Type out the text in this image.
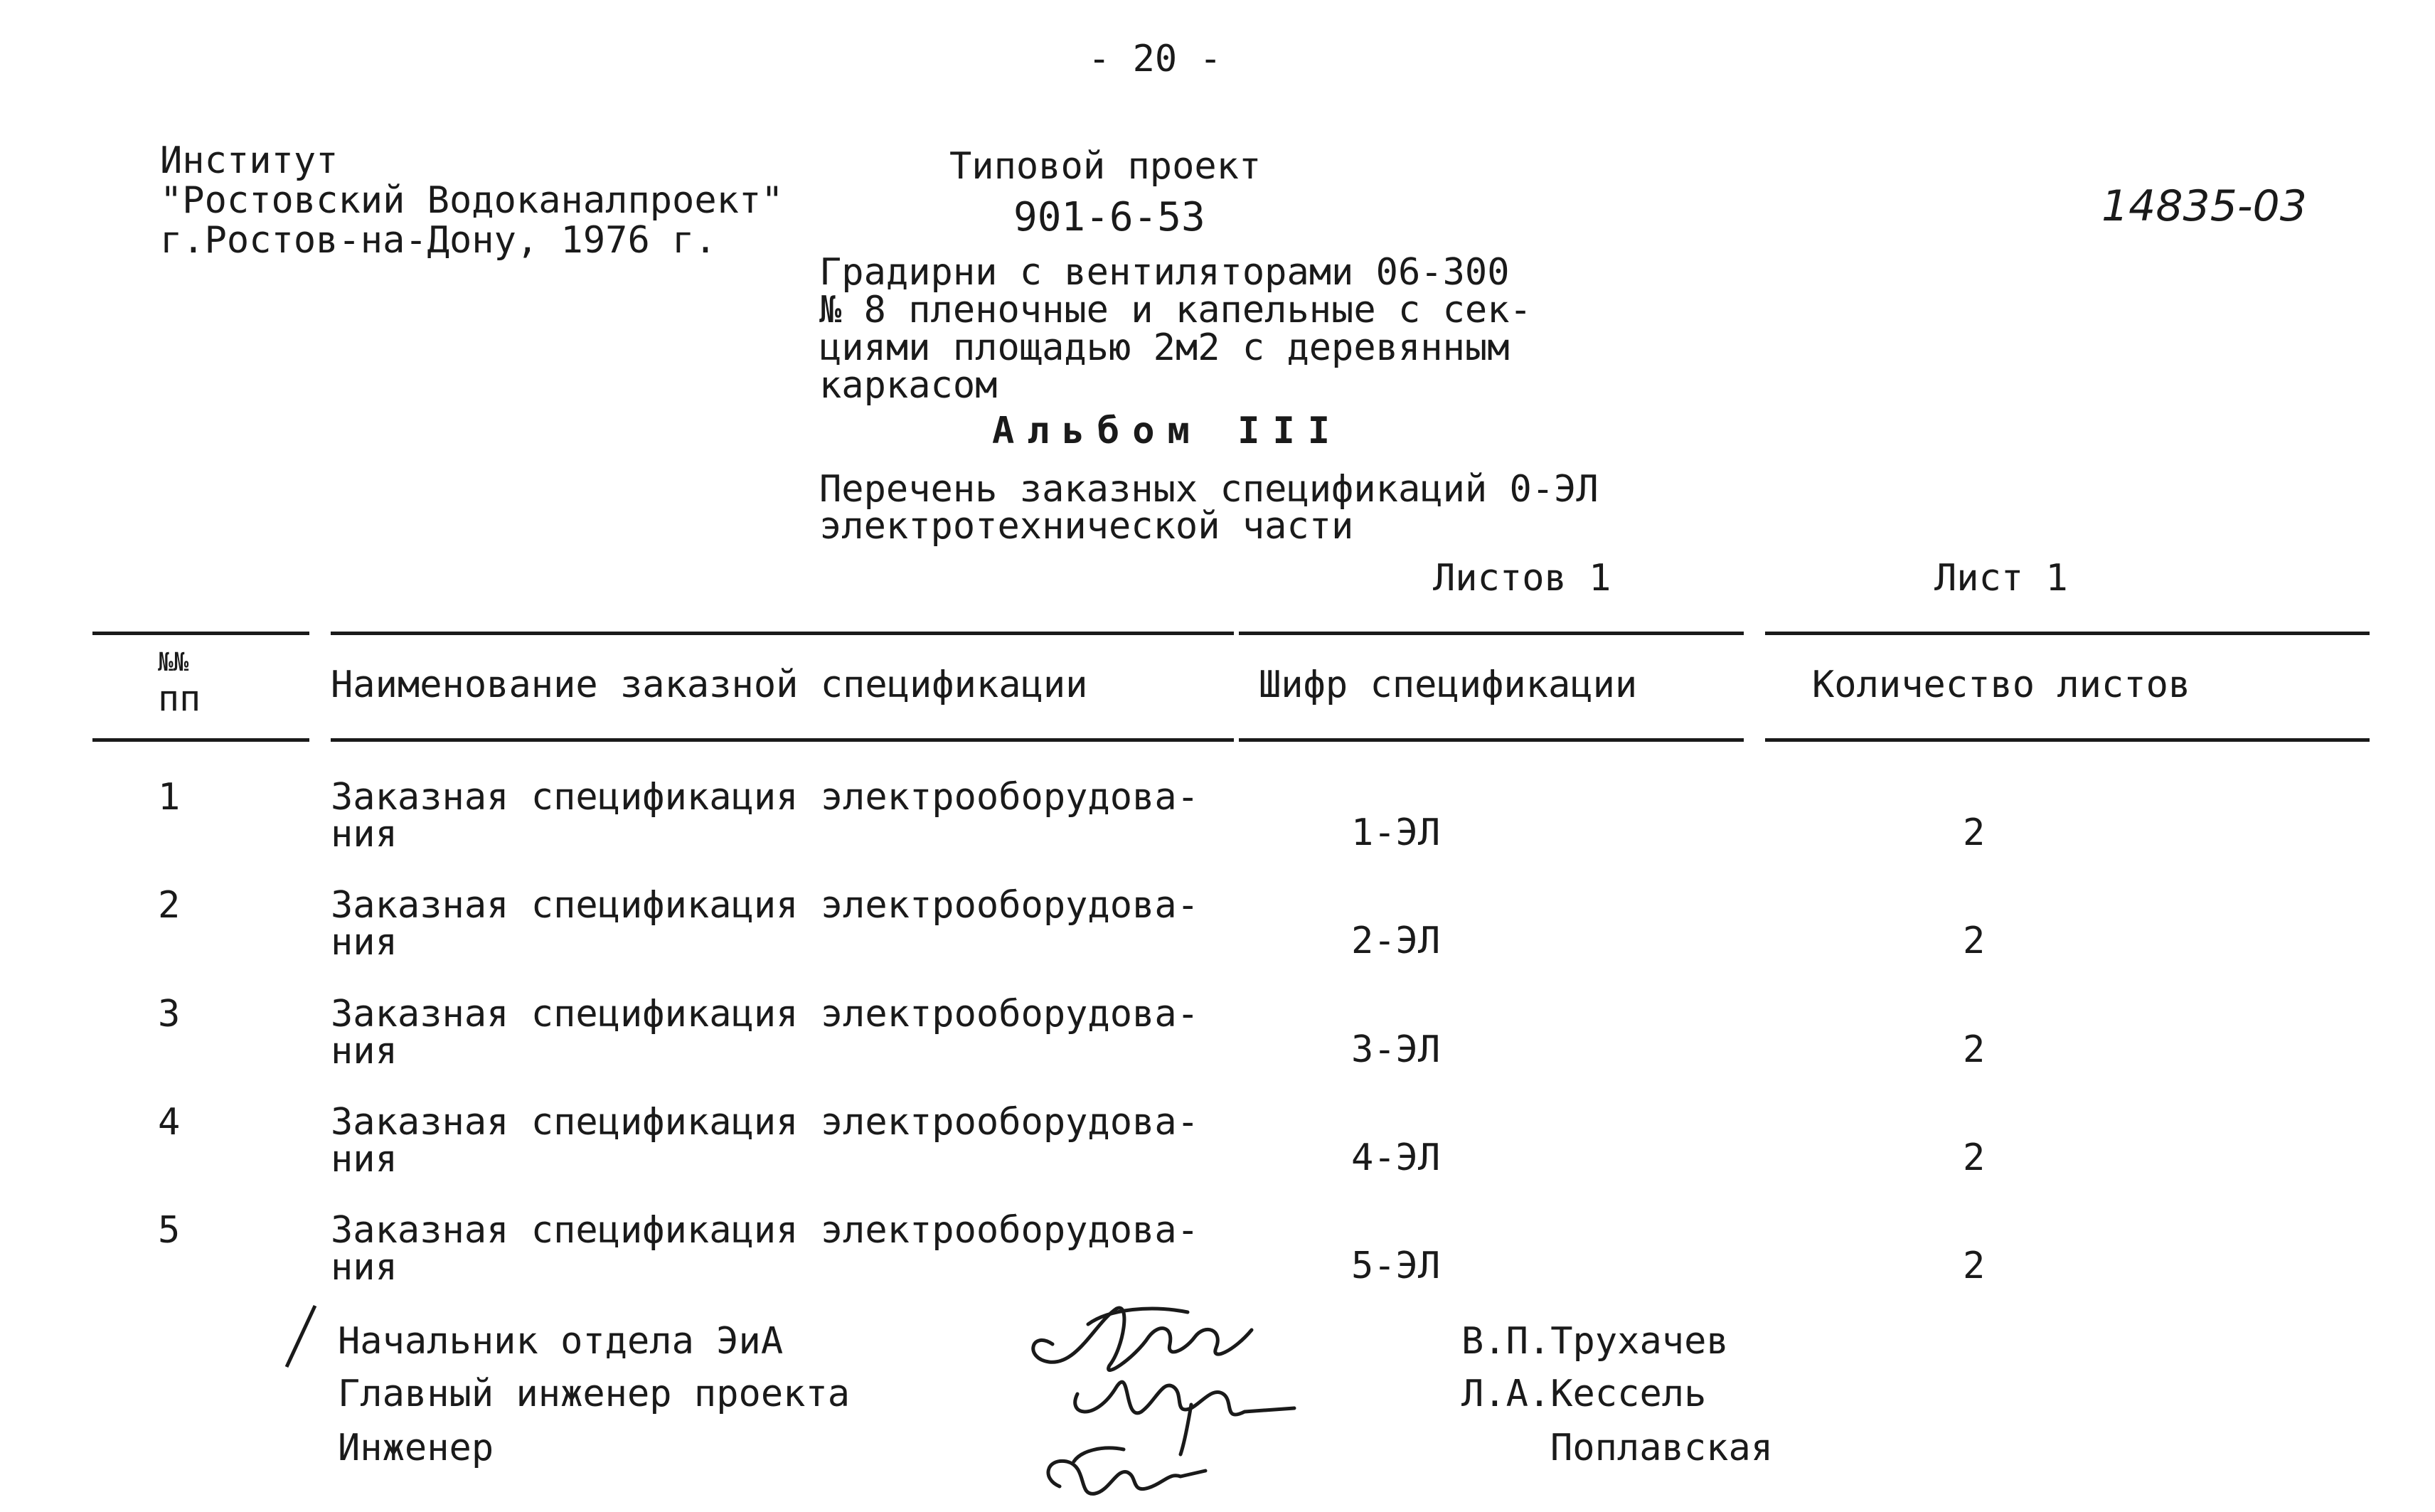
- 20 -
Институт
"Ростовский Водоканалпроект"
г.Ростов-на-Дону, 1976 г.
Типовой проект
901-6-53	14835-03
Градирни с вентиляторами 06-300
№ 8 пленочные и капельные с сек-
циями площадью 2м2 с деревянным
каркасом
Альбом III
Перечень заказных спецификаций 0-ЭЛ
электротехнической части
Листов 1	Лист 1
№№
пп	Наименование заказной спецификации	Шифр спецификации	Количество листов
1	Заказная спецификация электрооборудова-
ния	1-ЭЛ	2
2	Заказная спецификация электрооборудова-
ния	2-ЭЛ	2
3	Заказная спецификация электрооборудова-
ния	3-ЭЛ	2
4	Заказная спецификация электрооборудова-
ния	4-ЭЛ	2
5	Заказная спецификация электрооборудова-
ния	5-ЭЛ	2
Начальник отдела ЭиА
Главный инженер проекта
Инженер
В.П.Трухачев
Л.А.Кессель
Поплавская
